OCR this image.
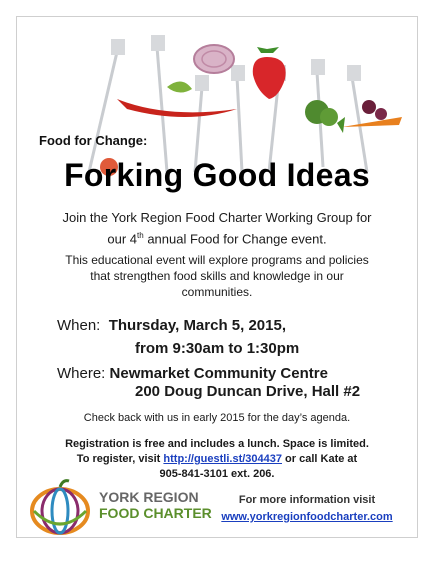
Food for Change:
Forking Good Ideas
Join the York Region Food Charter Working Group for
our 4th annual Food for Change event.
This educational event will explore programs and policies
that strengthen food skills and knowledge in our
communities.
When: Thursday, March 5, 2015,
from 9:30am to 1:30pm
Where: Newmarket Community Centre
200 Doug Duncan Drive, Hall #2
Check back with us in early 2015 for the day’s agenda.
Registration is free and includes a lunch. Space is limited.
To register, visit http://guestli.st/304437 or call Kate at
905-841-3101 ext. 206.
YORK REGION
FOOD CHARTER
For more information visit
www.yorkregionfoodcharter.com
